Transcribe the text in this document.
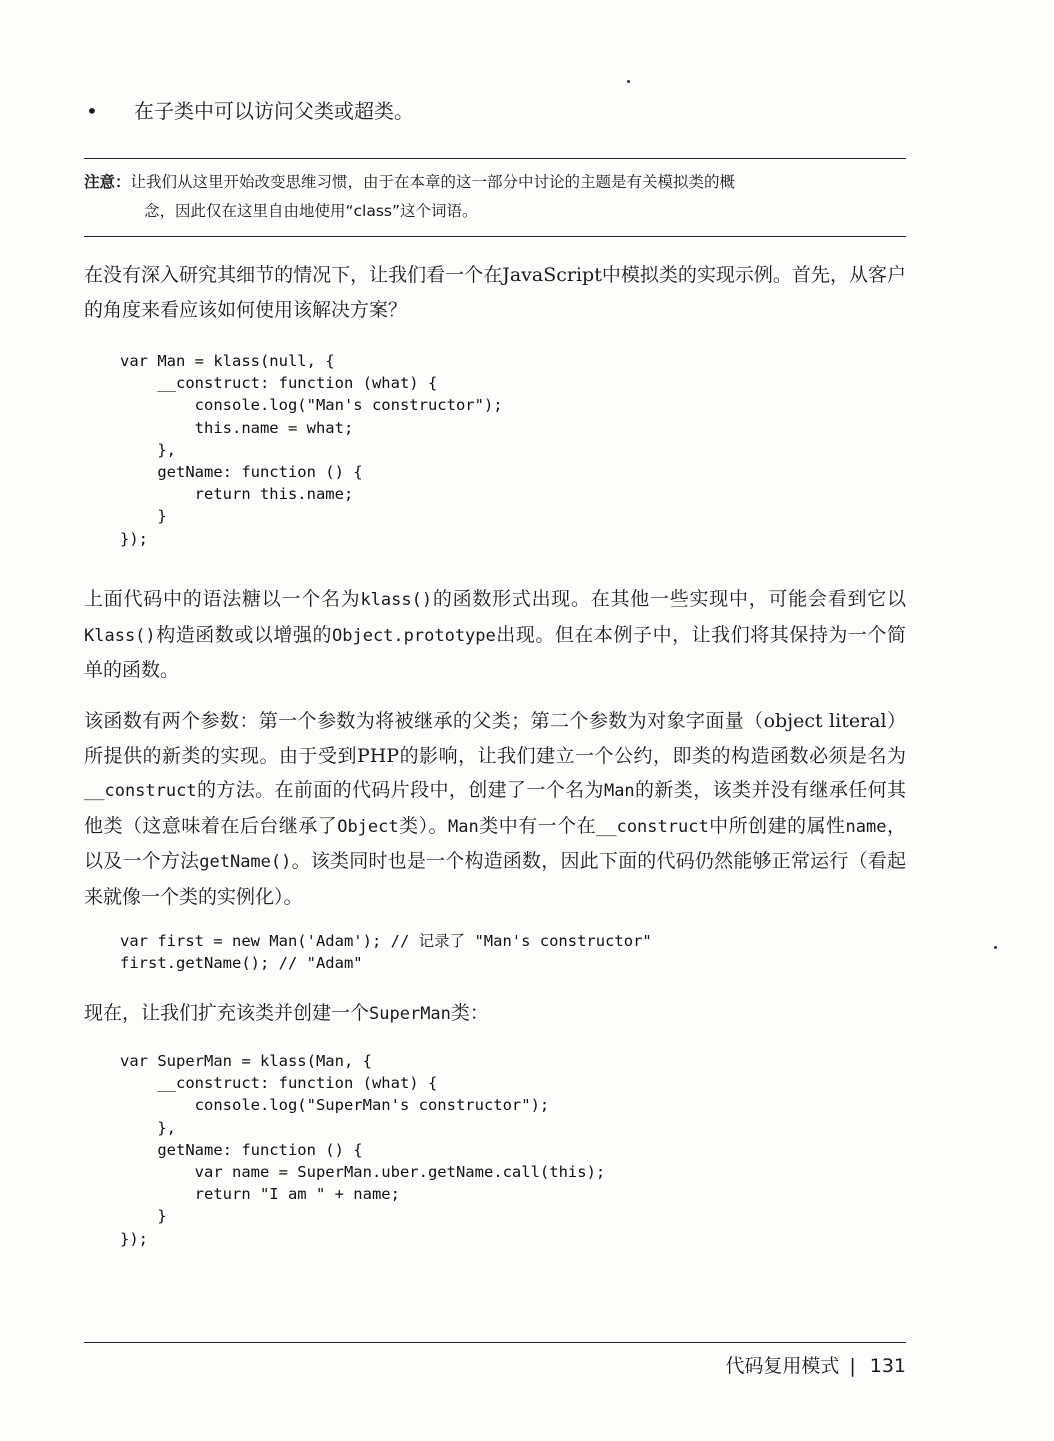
•	在子类中可以访问父类或超类。
注意：让我们从这里开始改变思维习惯，由于在本章的这一部分中讨论的主题是有关模拟类的概
念，因此仅在这里自由地使用“class”这个词语。
在没有深入研究其细节的情况下，让我们看一个在JavaScript中模拟类的实现示例。首先，从客户的角度来看应该如何使用该解决方案？
var Man = klass(null, {
__construct: function (what) {
console.log("Man's constructor");
this.name = what;
},
getName: function () {
return this.name;
}
});
上面代码中的语法糖以一个名为klass()的函数形式出现。在其他一些实现中，可能会看到它以Klass()构造函数或以增强的Object.prototype出现。但在本例子中，让我们将其保持为一个简单的函数。
该函数有两个参数：第一个参数为将被继承的父类；第二个参数为对象字面量（object literal）所提供的新类的实现。由于受到PHP的影响，让我们建立一个公约，即类的构造函数必须是名为__construct的方法。在前面的代码片段中，创建了一个名为Man的新类，该类并没有继承任何其他类（这意味着在后台继承了Object类）。Man类中有一个在__construct中所创建的属性name，以及一个方法getName()。该类同时也是一个构造函数，因此下面的代码仍然能够正常运行（看起来就像一个类的实例化）。
var first = new Man('Adam'); // 记录了 "Man's constructor"
first.getName(); // "Adam"
现在，让我们扩充该类并创建一个SuperMan类：
var SuperMan = klass(Man, {
__construct: function (what) {
console.log("SuperMan's constructor");
},
getName: function () {
var name = SuperMan.uber.getName.call(this);
return "I am " + name;
}
});
代码复用模式 | 131
